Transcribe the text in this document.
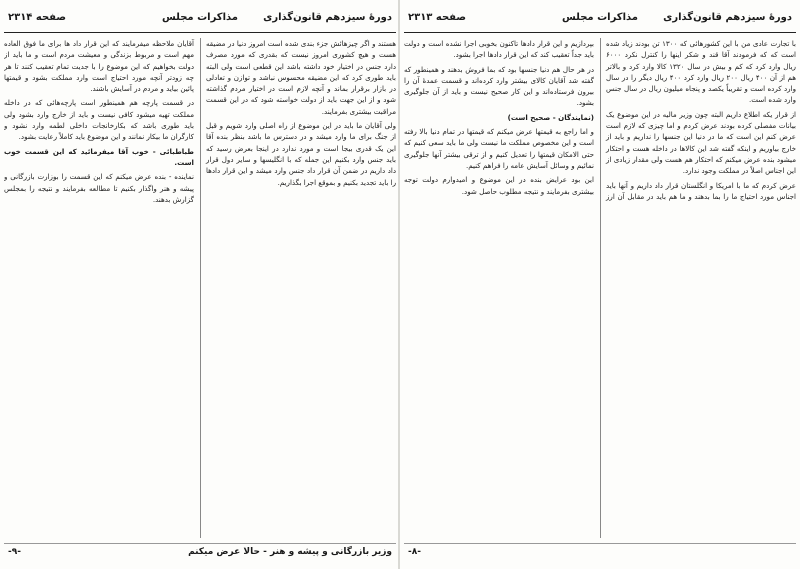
دورهٔ سیزدهم قانون‌گذاری
مذاکرات مجلس
صفحه ۲۳۱۴

هستند و اگر چیزهائش جزء بندی شده است امروز دنیا در مضیقه هست و هیچ کشوری امروز نیست که بقدری که مورد مصرف دارد جنس در اختیار خود داشته باشد این قطعی است ولی البته باید طوری کرد که این مضیقه محسوس نباشد و توازن و تعادلی در بازار برقرار بماند و آنچه لازم است در اختیار مردم گذاشته شود و از این جهت باید از دولت خواسته شود که در این قسمت مراقبت بیشتری بفرمایند.

ولی آقایان ما باید در این موضوع از راه اصلی وارد شویم و قبل از جنگ برای ما وارد میشد و در دسترس ما باشد بنظر بنده آقا این یک قدری بیجا است و مورد ندارد در اینجا بعرض رسید که باید جنس وارد بکنیم این جمله که با انگلیسها و سایر دول قرار داد داریم در ضمن آن قرار داد جنس وارد میشد و این قرار دادها را باید تجدید بکنیم و بموقع اجرا بگذاریم.

آقایان ملاحظه میفرمایند که این قرار داد ها برای ما فوق العاده مهم است و مربوط بزندگی و معیشت مردم است و ما باید از دولت بخواهیم که این موضوع را با جدیت تمام تعقیب کنند تا هر چه زودتر آنچه مورد احتیاج است وارد مملکت بشود و قیمتها پائین بیاید و مردم در آسایش باشند.

در قسمت پارچه هم همینطور است پارچه‌هائی که در داخله مملکت تهیه میشود کافی نیست و باید از خارج وارد بشود ولی باید طوری باشد که بکارخانجات داخلی لطمه وارد نشود و کارگران ما بیکار نمانند و این موضوع باید کاملاً رعایت بشود.

طباطبائی - خوب آقا میفرمائید که این قسمت خوب است.

نماینده - بنده عرض میکنم که این قسمت را بوزارت بازرگانی و پیشه و هنر واگذار بکنیم تا مطالعه بفرمایند و نتیجه را بمجلس گزارش بدهند.

وزیر بازرگانی و پیشه و هنر - حالا عرض میکنم
-۹-
دورهٔ سیزدهم قانون‌گذاری
مذاکرات مجلس
صفحه ۲۳۱۳

با تجارت عادی من با این کشورهائی که ۱۳۰۰ تن بودند زیاد شده است که که فرمودند آقا قند و شکر اینها را کنترل نکرد ۶۰۰۰ ریال وارد کرد که کم و بیش در سال ۱۳۲۰ کالا وارد کرد و بالاتر هم از آن ۴۰۰ ریال ۲۰۰ ریال وارد کرد ۴۰۰ ریال دیگر را در سال وارد کرده است و تقریباً یکصد و پنجاه میلیون ریال در سال جنس وارد شده است.

از قرار یکه اطلاع داریم البته چون وزیر مالیه در این موضوع یک بیانات مفصلی کرده بودند عرض کردم و اما چیزی که لازم است عرض کنم این است که ما در دنیا این جنسها را نداریم و باید از خارج بیاوریم و اینکه گفته شد این کالاها در داخله هست و احتکار میشود بنده عرض میکنم که احتکار هم هست ولی مقدار زیادی از این اجناس اصلاً در مملکت وجود ندارد.

عرض کردم که ما با امریکا و انگلستان قرار داد داریم و آنها باید اجناس مورد احتیاج ما را بما بدهند و ما هم باید در مقابل آن ارز بپردازیم و این قرار دادها تاکنون بخوبی اجرا نشده است و دولت باید جداً تعقیب کند که این قرار دادها اجرا بشود.

در هر حال هم دنیا جنسها بود که بما فروش بدهند و همینطور که گفته شد آقایان کالای بیشتر وارد کرده‌اند و قسمت عمدهٔ آن را بیرون فرستاده‌اند و این کار صحیح نیست و باید از آن جلوگیری بشود.

(نمایندگان - صحیح است)

و اما راجع به قیمتها عرض میکنم که قیمتها در تمام دنیا بالا رفته است و این مخصوص مملکت ما نیست ولی ما باید سعی کنیم که حتی الامکان قیمتها را تعدیل کنیم و از ترقی بیشتر آنها جلوگیری نمائیم و وسائل آسایش عامه را فراهم کنیم.

این بود عرایض بنده در این موضوع و امیدوارم دولت توجه بیشتری بفرمایند و نتیجه مطلوب حاصل شود.

-۸-
